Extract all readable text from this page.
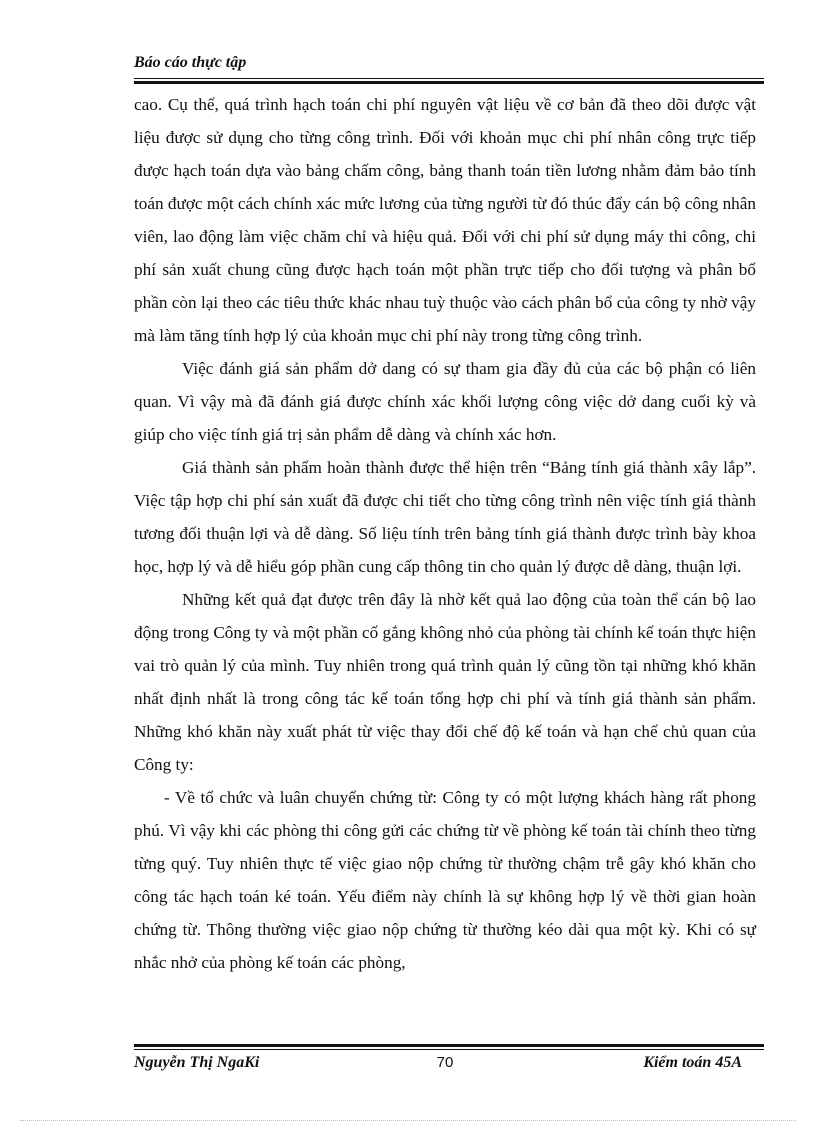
Báo cáo thực tập

cao. Cụ thể, quá trình hạch toán chi phí nguyên vật liệu về cơ bản đã theo dõi được vật liệu được sử dụng cho từng công trình. Đối với khoản mục chi phí nhân công trực tiếp được hạch toán dựa vào bảng chấm công, bảng thanh toán tiền lương nhằm đảm bảo tính toán được một cách chính xác mức lương của từng người từ đó thúc đẩy cán bộ công nhân viên, lao động làm việc chăm chỉ và hiệu quả. Đối với chi phí sử dụng máy thi công, chi phí sản xuất chung cũng được hạch toán một phần trực tiếp cho đối tượng và phân bổ phần còn lại theo các tiêu thức khác nhau tuỳ thuộc vào cách phân bổ của công ty nhờ vậy mà làm tăng tính hợp lý của khoản mục chi phí này trong từng công trình.

Việc đánh giá sản phẩm dở dang có sự tham gia đầy đủ của các bộ phận có liên quan. Vì vậy mà đã đánh giá được chính xác khối lượng công việc dở dang cuối kỳ và giúp cho việc tính giá trị sản phẩm dễ dàng và chính xác hơn.

Giá thành sản phẩm hoàn thành được thể hiện trên “Bảng tính giá thành xây lắp”. Việc tập hợp chi phí sản xuất đã được chi tiết cho từng công trình nên việc tính giá thành tương đối thuận lợi và dễ dàng. Số liệu tính trên bảng tính giá thành được trình bày khoa học, hợp lý và dễ hiểu góp phần cung cấp thông tin cho quản lý được dễ dàng, thuận lợi.

Những kết quả đạt được trên đây là nhờ kết quả lao động của toàn thể cán bộ lao động trong Công ty và một phần cố gắng không nhỏ của phòng tài chính kế toán thực hiện vai trò quản lý của mình. Tuy nhiên trong quá trình quản lý cũng tồn tại những khó khăn nhất định nhất là trong công tác kế toán tổng hợp chi phí và tính giá thành sản phẩm. Những khó khăn này xuất phát từ việc thay đổi chế độ kế toán và hạn chế chủ quan của Công ty:

- Về tổ chức và luân chuyển chứng từ: Công ty có một lượng khách hàng rất phong phú. Vì vậy khi các phòng thi công gửi các chứng từ về phòng kế toán tài chính theo từng từng quý. Tuy nhiên thực tế việc giao nộp chứng từ thường chậm trễ gây khó khăn cho công tác hạch toán ké toán. Yếu điểm này chính là sự không hợp lý về thời gian hoàn chứng từ. Thông thường việc giao nộp chứng từ thường kéo dài qua một kỳ. Khi có sự nhắc nhở của phòng kế toán các phòng,

Nguyễn Thị NgaKi	70	Kiểm toán 45A
